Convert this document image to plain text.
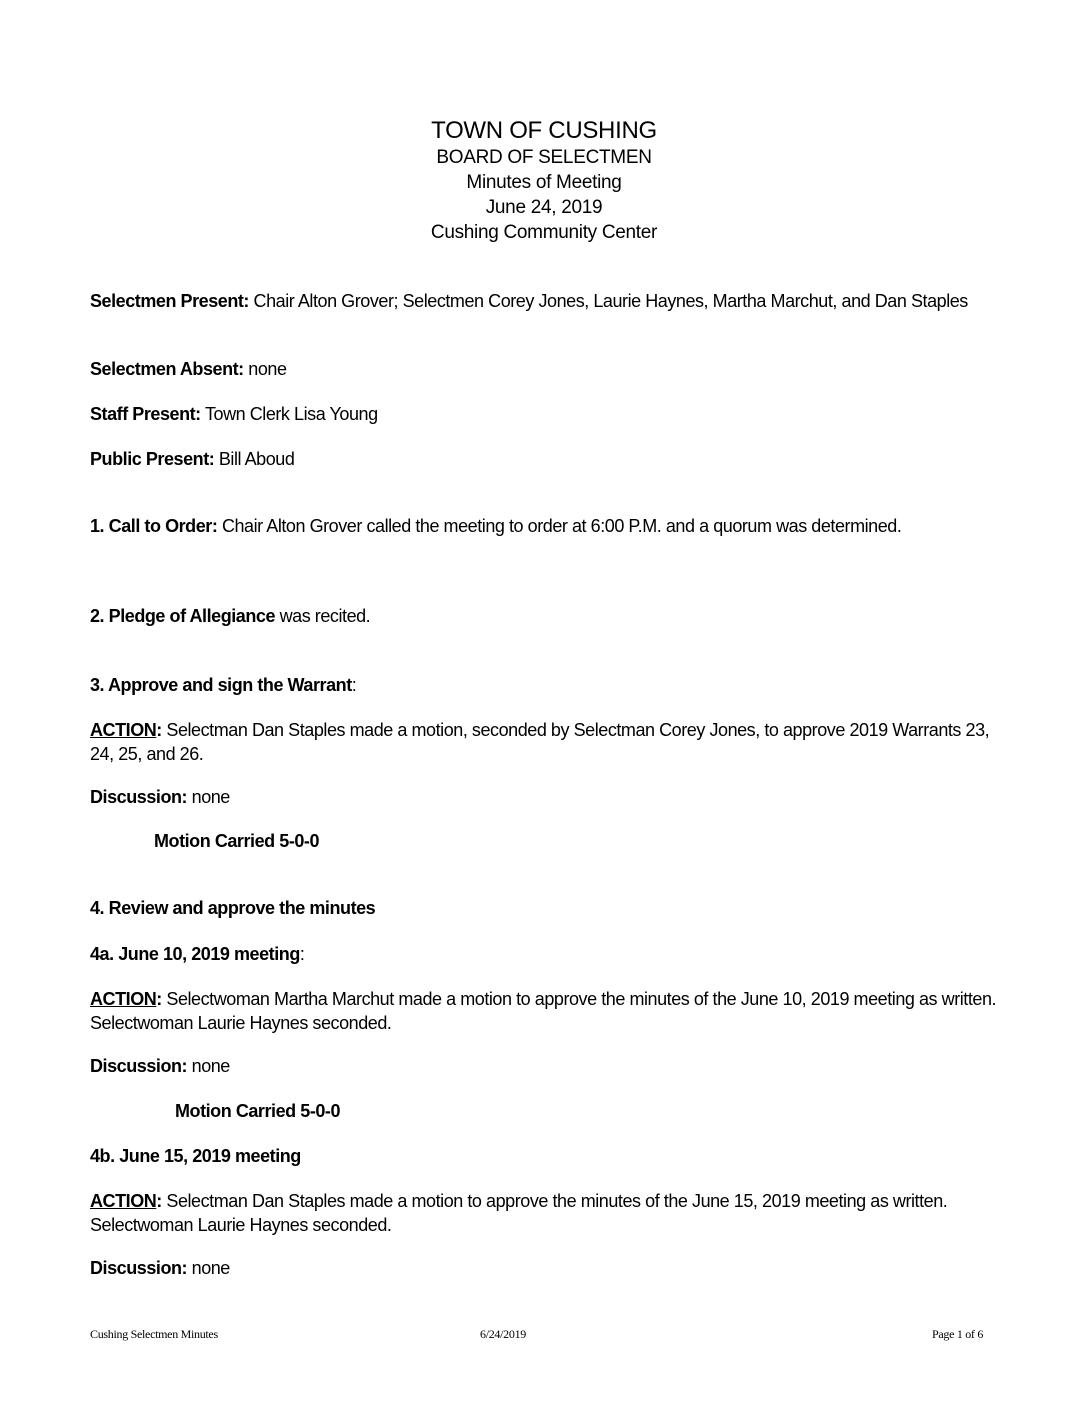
TOWN OF CUSHING
BOARD OF SELECTMEN
Minutes of Meeting
June 24, 2019
Cushing Community Center
Selectmen Present: Chair Alton Grover; Selectmen Corey Jones, Laurie Haynes, Martha Marchut, and Dan Staples
Selectmen Absent: none
Staff Present: Town Clerk Lisa Young
Public Present: Bill Aboud
1. Call to Order: Chair Alton Grover called the meeting to order at 6:00 P.M. and a quorum was determined.
2. Pledge of Allegiance was recited.
3. Approve and sign the Warrant:
ACTION: Selectman Dan Staples made a motion, seconded by Selectman Corey Jones, to approve 2019 Warrants 23, 24, 25, and 26.
Discussion: none
Motion Carried 5-0-0
4. Review and approve the minutes
4a. June 10, 2019 meeting:
ACTION: Selectwoman Martha Marchut made a motion to approve the minutes of the June 10, 2019 meeting as written. Selectwoman Laurie Haynes seconded.
Discussion: none
Motion Carried 5-0-0
4b. June 15, 2019 meeting
ACTION: Selectman Dan Staples made a motion to approve the minutes of the June 15, 2019 meeting as written. Selectwoman Laurie Haynes seconded.
Discussion: none
Cushing Selectmen Minutes	6/24/2019	Page 1 of 6
